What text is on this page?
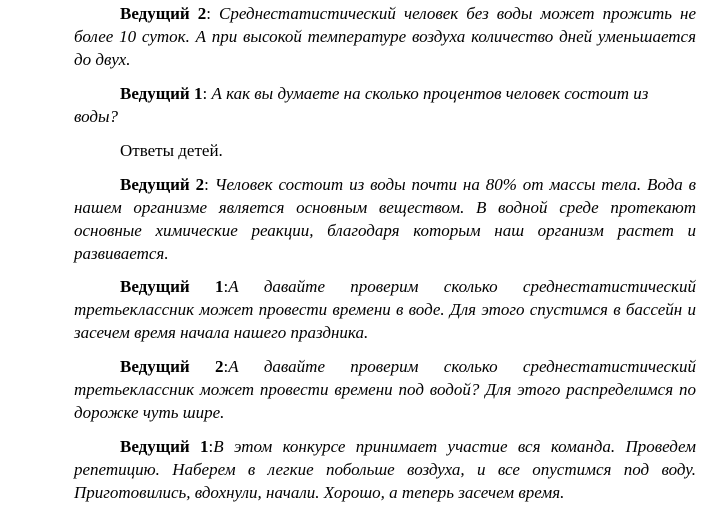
Ведущий 2: Среднестатистический человек без воды может прожить не более 10 суток. А при высокой температуре воздуха количество дней уменьшается до двух.

Ведущий 1: А как вы думаете на сколько процентов человек состоит из воды?

Ответы детей.

Ведущий 2: Человек состоит из воды почти на 80% от массы тела. Вода в нашем организме является основным веществом. В водной среде протекают основные химические реакции, благодаря которым наш организм растет и развивается.

Ведущий 1:А давайте проверим сколько среднестатистический третьеклассник может провести времени в воде. Для этого спустимся в бассейн и засечем время начала нашего праздника.

Ведущий 2:А давайте проверим сколько среднестатистический третьеклассник может провести времени под водой? Для этого распределимся по дорожке чуть шире.

Ведущий 1:В этом конкурсе принимает участие вся команда. Проведем репетицию. Наберем в легкие побольше воздуха, и все опустимся под воду. Приготовились, вдохнули, начали. Хорошо, а теперь засечем время.
